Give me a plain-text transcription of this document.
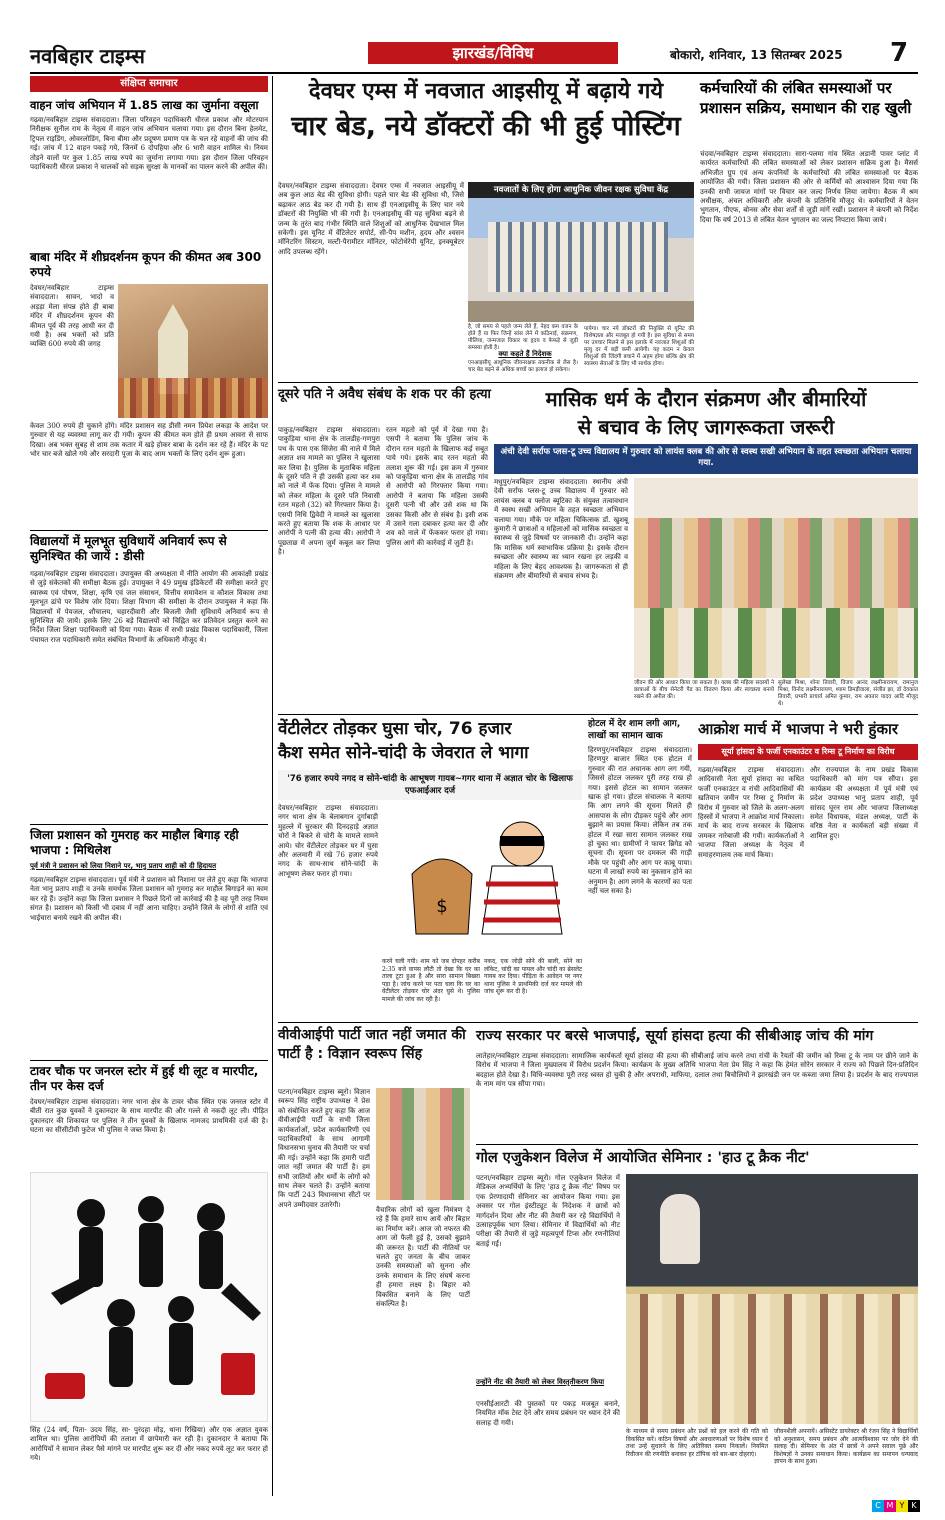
नवबिहार टाइम्स	झारखंड/विविध	बोकारो, शनिवार, 13 सितम्बर 2025 7
संक्षिप्त समाचार
वाहन जांच अभियान में 1.85 लाख का जुर्माना वसूला
गढ़वा/नवबिहार टाइम्स संवाददाता। जिला परिवहन पदाधिकारी धीरज प्रकाश और मोटरयान निरीक्षक सुनील राम के नेतृत्व में वाहन जांच अभियान चलाया गया। इस दौरान बिना हेलमेट, ट्रिपल राइडिंग, ओवरलोडिंग, बिना बीमा और प्रदूषण प्रमाण पत्र के चल रहे वाहनों की जांच की गई। जांच में 12 वाहन पकड़े गये, जिनमें 6 दोपहिया और 6 भारी वाहन शामिल थे। नियम तोड़ने वालों पर कुल 1.85 लाख रुपये का जुर्माना लगाया गया। इस दौरान जिला परिवहन पदाधिकारी धीरज प्रकाश ने चालकों को सड़क सुरक्षा के मानकों का पालन करने की अपील की।
बाबा मंदिर में शीघ्रदर्शनम कूपन की कीमत अब 300 रुपये
देवघर/नवबिहार टाइम्स संवाददाता। सावन, भादो व अड़ड़ा मेला संपन्न होते ही बाबा मंदिर में शीघ्रदर्शनम कूपन की कीमत पूर्व की तरह आधी कर दी गयी है। अब भक्तों को प्रति व्यक्ति 600 रुपये की जगह
केवल 300 रुपये ही चुकाने होंगे। मंदिर प्रशासन सह डीसी नमन प्रियेश लकड़ा के आदेश पर गुरुवार से यह व्यवस्था लागू कर दी गयी। कूपन की कीमत कम होते ही प्रथम आवरा से साफ दिखा। अब भक्त सुबह से शाम तक कतार में खड़े होकर बाबा के दर्शन कर रहे हैं। मंदिर के पट भोर चार बजे खोले गये और सरदारी पूजा के बाद आम भक्तों के लिए दर्शन शुरू हुआ।
विद्यालयों में मूलभूत सुविधायें अनिवार्य रूप से सुनिश्चित की जायें : डीसी
गढ़वा/नवबिहार टाइम्स संवाददाता। उपायुक्त की अध्यक्षता में नीति आयोग की आकांक्षी प्रखंड से जुड़े संकेतकों की समीक्षा बैठक हुई। उपायुक्त ने 49 प्रमुख इंडिकेटरों की समीक्षा करते हुए स्वास्थ्य एवं पोषण, शिक्षा, कृषि एवं जल संसाधन, वित्तीय समावेशन व कौशल विकास तथा मूलभूत ढांचे पर विशेष जोर दिया। शिक्षा विभाग की समीक्षा के दौरान उपायुक्त ने कहा कि विद्यालयों में पेयजल, शौचालय, चहारदीवारी और बिजली जैसी सुविधायें अनिवार्य रूप से सुनिश्चित की जायें। इसके लिए 26 बड़े विद्यालयों को चिह्नित कर प्रतिवेदन प्रस्तुत करने का निर्देश जिला शिक्षा पदाधिकारी को दिया गया। बैठक में सभी प्रखंड विकास पदाधिकारी, जिला पंचायत राज पदाधिकारी समेत संबंधित विभागों के अधिकारी मौजूद थे।
जिला प्रशासन को गुमराह कर माहौल बिगाड़ रही भाजपा : मिथिलेश
पूर्व मंत्री ने प्रशासन को लिया निशाने पर, भानु प्रताप शाही को दी हिदायत
गढ़वा/नवबिहार टाइम्स संवाददाता। पूर्व मंत्री ने प्रशासन को निशाना पर लेते हुए कहा कि भाजपा नेता भानु प्रताप शाही व उनके समर्थक जिला प्रशासन को गुमराह कर माहौल बिगाड़ने का काम कर रहे हैं। उन्होंने कहा कि जिला प्रशासन ने पिछले दिनों जो कार्रवाई की है वह पूरी तरह नियम संगत है। प्रशासन को किसी भी दबाव में नहीं आना चाहिए। उन्होंने जिले के लोगों से शांति एवं भाईचारा बनाये रखने की अपील की।
टावर चौक पर जनरल स्टोर में हुई थी लूट व मारपीट, तीन पर केस दर्ज
देवघर/नवबिहार टाइम्स संवाददाता। नगर थाना क्षेत्र के टावर चौक स्थित एक जनरल स्टोर में बीती रात कुछ युवकों ने दुकानदार के साथ मारपीट की और गल्ले से नकदी लूट ली। पीड़ित दुकानदार की शिकायत पर पुलिस ने तीन युवकों के खिलाफ नामजद प्राथमिकी दर्ज की है। घटना का सीसीटीवी फुटेज भी पुलिस ने जब्त किया है।
सिंह (24 वर्ष, पिता- उदय सिंह, सा- पुरंदहा मोड़, थाना रिखिया) और एक अज्ञात युवक शामिल था। पुलिस आरोपियों की तलाश में छापेमारी कर रही है। दुकानदार ने बताया कि आरोपियों ने सामान लेकर पैसे मांगने पर मारपीट शुरू कर दी और नकद रुपये लूट कर फरार हो गये।
देवघर एम्स में नवजात आइसीयू में बढ़ाये गये
चार बेड, नये डॉक्टरों की भी हुई पोस्टिंग
देवघर/नवबिहार टाइम्स संवाददाता। देवघर एम्स में नवजात आइसीयू में अब कुल आठ बेड की सुविधा होगी। पहले चार बेड की सुविधा थी, जिसे बढ़ाकर आठ बेड कर दी गयी है। साथ ही एनआइसीयू के लिए चार नये डॉक्टरों की नियुक्ति भी की गयी है। एनआइसीयू की यह सुविधा बढ़ने से जन्म के तुरंत बाद गंभीर स्थिति वाले शिशुओं को आधुनिक देखभाल मिल सकेगी। इस यूनिट में वेंटिलेटर सपोर्ट, सी-पैप मशीन, हृदय और श्वसन मॉनिटरिंग सिस्टम, मल्टी-पैरामीटर मॉनिटर, फोटोथेरेपी यूनिट, इनक्यूबेटर आदि उपलब्ध रहेंगे।
नवजातों के लिए होगा आधुनिक जीवन रक्षक सुविधा केंद्र
है, जो समय से पहले जन्म लेते हैं, नेहद कम वजन के होते हैं या फिर जिन्हें सांस लेने में कठिनाई, संक्रमण, पीलिया, जन्मजात विकार या हृदय व फेफड़े से जुड़ी समस्या होती है।
क्या कहते हैं निदेशक
एनआइसीयू आधुनिक जीवनरक्षक तकनीक से लैस है। चार बेड बढ़ने से अधिक बच्चों का इलाज हो सकेगा।
पायेगा। चार नये डॉक्टरों की नियुक्ति से यूनिट की विशेषज्ञता और मजबूत हो गयी है। इस सुविधा से समय पर उपचार मिलने से इस इलाके में नवजात शिशुओं की मृत्यु दर में बड़ी कमी आयेगी। यह कदम न केवल शिशुओं की जिंदगी बचाने में अहम होगा बल्कि क्षेत्र की स्वास्थ्य सेवाओं के लिए भी सार्थक होगा।
कर्मचारियों की लंबित समस्याओं पर प्रशासन सक्रिय, समाधान की राह खुली
चंदवा/नवबिहार टाइम्स संवाददाता। सारा-पलमा गांव स्थित अडानी पावर प्लांट में कार्यरत कर्मचारियों की लंबित समस्याओं को लेकर प्रशासन सक्रिय हुआ है। मैसर्स अभिजीत ग्रुप एवं अन्य कंपनियों के कर्मचारियों की लंबित समस्याओं पर बैठक आयोजित की गयी। जिला प्रशासन की ओर से कर्मियों को आश्वासन दिया गया कि उनकी सभी जायज मांगों पर विचार कर जल्द निर्णय लिया जायेगा। बैठक में श्रम अधीक्षक, अंचल अधिकारी और कंपनी के प्रतिनिधि मौजूद थे। कर्मचारियों ने वेतन भुगतान, पीएफ, बोनस और सेवा शर्तों से जुड़ी मांगें रखीं। प्रशासन ने कंपनी को निर्देश दिया कि वर्ष 2013 से लंबित वेतन भुगतान का जल्द निपटारा किया जाये।
दूसरे पति ने अवैध संबंध के शक पर की हत्या
पाकुड़/नवबिहार टाइम्स संवाददाता। पाकुड़िया थाना क्षेत्र के तालडीह-गणपुरा पथ के पास एक सिंजेरा की नाले में मिले अज्ञात शव मामले का पुलिस ने खुलासा कर लिया है। पुलिस के मुताबिक महिला के दूसरे पति ने ही उसकी हत्या कर शव को नाले में फेंक दिया। पुलिस ने मामले को लेकर महिला के दूसरे पति निवासी रतन महतो (32) को गिरफ्तार किया है। एसपी निधि द्विवेदी ने मामले का खुलासा करते हुए बताया कि शक के आधार पर आरोपी ने पत्नी की हत्या की। आरोपी ने पूछताछ में अपना जुर्म कबूल कर लिया है।
रतन महतो को पूर्व में देखा गया है। एसपी ने बताया कि पुलिस जांच के दौरान रतन महतो के खिलाफ कई सबूत पाये गये। इसके बाद रतन महतो की तलाश शुरू की गई। इस क्रम में गुरुवार को पाकुड़िया थाना क्षेत्र के तालडीह गांव से आरोपी को गिरफ्तार किया गया। आरोपी ने बताया कि महिला उसकी दूसरी पत्नी थी और उसे शक था कि उसका किसी और से संबंध है। इसी शक में उसने गला दबाकर हत्या कर दी और शव को नाले में फेंककर फरार हो गया। पुलिस आगे की कार्रवाई में जुटी है।
मासिक धर्म के दौरान संक्रमण और बीमारियों
से बचाव के लिए जागरूकता जरूरी
अंची देवी सर्राफ प्लस-टू उच्च विद्यालय में गुरुवार को लायंस क्लब की ओर से स्वस्थ सखी अभियान के तहत स्वच्छता अभियान चलाया गया.
मधुपुर/नवबिहार टाइम्स संवाददाता। स्थानीय अंची देवी सर्राफ प्लस-टू उच्च विद्यालय में गुरुवार को लायंस क्लब व फ्लोज ब्यूटिका के संयुक्त तत्वावधान में स्वस्थ सखी अभियान के तहत स्वच्छता अभियान चलाया गया। मौके पर महिला चिकित्सक डॉ. खुशबू कुमारी ने छात्राओं व महिलाओं को मासिक स्वच्छता व स्वास्थ्य से जुड़े विषयों पर जानकारी दी। उन्होंने कहा कि मासिक धर्म स्वाभाविक प्रक्रिया है। इसके दौरान स्वच्छता और स्वास्थ्य का ध्यान रखना हर लड़की व महिला के लिए बेहद आवश्यक है। जागरूकता से ही संक्रमण और बीमारियों से बचाव संभव है।
जीवन की ओर आधार किया जा सकता है। क्लब की महिला सदस्यों ने छात्राओं के बीच सेनेटरी पैड का वितरण किया और स्वच्छता बनाये रखने की अपील की।
सुलेखा मिश्रा, शोना तिवारी, विजय आनंद लक्ष्मीनारायण, रामानुज मिश्रा, विनोद लक्ष्मीनारायण, श्याम डिमड़ीवाला, संजीत झा, डॉ देवकांत तिवारी, प्रभारी प्राचार्य अमित कुमार, राम अवतार यादव आदि मौजूद थे।
वेंटीलेटर तोड़कर घुसा चोर, 76 हजार
कैश समेत सोने-चांदी के जेवरात ले भागा
'76 हजार रुपये नगद व सोने-चांदी के आभूषण गायब~गगर थाना में अज्ञात चोर के खिलाफ एफआईआर दर्ज
देवघर/नवबिहार टाइम्स संवाददाता। नगर थाना क्षेत्र के बेलाबगान दुर्गाबाड़ी मुहल्ले में चुरकार की दिनदहाड़े अज्ञात चोरों ने बिकरे से चोरी के मामले सामने आये। चोर वेंटीलेटर तोड़कर घर में घुसा और अलमारी में रखे 76 हजार रुपये नगद के साथ-साथ सोने-चांदी के आभूषण लेकर फरार हो गया।
$
करने चली गयी। शाम को जब दोपहर करीब 2:35 बजे वापस लौटी तो देखा कि घर का ताला टूटा हुआ है और सारा सामान बिखरा पड़ा है। जांच करने पर पता चला कि घर का वेंटीलेटर तोड़कर चोर अंदर घुसे थे। पुलिस मामले की जांच कर रही है।
नकद, एक जोड़ी सोने की बाली, सोने का लॉकेट, चांदी का पायल और चांदी का ब्रेसलेट गायब कर दिया। पीड़िता के आवेदन पर नगर थाना पुलिस ने प्राथमिकी दर्ज कर मामले की जांच शुरू कर दी है।
होटल में देर शाम लगी आग, लाखों का सामान खाक
हिरणपुर/नवबिहार टाइम्स संवाददाता। हिरणपुर बाजार स्थित एक होटल में गुरुवार की रात अचानक आग लग गयी, जिससे होटल जलकर पूरी तरह राख हो गया। इससे होटल का सामान जलकर खाक हो गया। होटल संचालक ने बताया कि आग लगने की सूचना मिलते ही आसपास के लोग दौड़कर पहुंचे और आग बुझाने का प्रयास किया। लेकिन तब तक होटल में रखा सारा सामान जलकर राख हो चुका था। ग्रामीणों ने फायर ब्रिगेड को सूचना दी। सूचना पर दमकल की गाड़ी मौके पर पहुंची और आग पर काबू पाया। घटना में लाखों रुपये का नुकसान होने का अनुमान है। आग लगने के कारणों का पता नहीं चल सका है।
आक्रोश मार्च में भाजपा ने भरी हुंकार
सूर्या हांसदा के फर्जी एनकाउंटर व रिम्स टू निर्माण का विरोध
गढ़वा/नवबिहार टाइम्स संवाददाता। आदिवासी नेता सूर्या हांसदा का कथित फर्जी एनकाउंटर व रांची आदिवासियों की खतियान जमीन पर रिम्स टू निर्माण के विरोध में गुरुवार को जिले के अलग-अलग हिस्सों में भाजपा ने आक्रोश मार्च निकाला। मार्च के बाद राज्य सरकार के खिलाफ जमकर नारेबाजी की गयी। कार्यकर्ताओं ने भाजपा जिला अध्यक्ष के नेतृत्व में समाहरणालय तक मार्च किया।
और राज्यपाल के नाम प्रखंड विकास पदाधिकारी को मांग पत्र सौंपा। इस कार्यक्रम की अध्यक्षता में पूर्व मंत्री एवं प्रदेश उपाध्यक्ष भानु प्रताप शाही, पूर्व सांसद घूरन राम और भाजपा जिलाध्यक्ष समेत विधायक, मंडल अध्यक्ष, पार्टी के वरिष्ठ नेता व कार्यकर्ता बड़ी संख्या में शामिल हुए।
वीवीआईपी पार्टी जात नहीं जमात की पार्टी है : विज्ञान स्वरूप सिंह
पटना/नवबिहार टाइम्स ब्यूरो। विज्ञान स्वरूप सिंह राष्ट्रीय उपाध्यक्ष ने प्रेस को संबोधित करते हुए कहा कि आज वीवीआईपी पार्टी के सभी जिला कार्यकर्ताओं, प्रदेश कार्यकारिणी एवं पदाधिकारियों के साथ आगामी विधानसभा चुनाव की तैयारी पर चर्चा की गई। उन्होंने कहा कि हमारी पार्टी जात नहीं जमात की पार्टी है। हम सभी जातियों और धर्मों के लोगों को साथ लेकर चलते हैं। उन्होंने बताया कि पार्टी 243 विधानसभा सीटों पर अपने उम्मीदवार उतारेगी।
वैचारिक लोगों को खुला निमंत्रण दे रहे हैं कि हमारे साथ आयें और बिहार का निर्माण करें। आज जो नफरत की आग जो फैली हुई है, उसको बुझाने की जरूरत है। पार्टी की नीतियों पर चलते हुए जनता के बीच जाकर उनकी समस्याओं को सुनना और उनके समाधान के लिए संघर्ष करना ही हमारा लक्ष्य है। बिहार को विकसित बनाने के लिए पार्टी संकल्पित है।
राज्य सरकार पर बरसे भाजपाई, सूर्या हांसदा हत्या की सीबीआइ जांच की मांग
लातेहार/नवबिहार टाइम्स संवाददाता। सामाजिक कार्यकर्ता सूर्या हांसदा की हत्या की सीबीआई जांच करने तथा रांची के रैयतों की जमीन को रिम्स टू के नाम पर छीने जाने के विरोध में भाजपा ने जिला मुख्यालय में विरोध प्रदर्शन किया। कार्यक्रम के मुख्य अतिथि भाजपा नेता प्रेम सिंह ने कहा कि हेमंत सोरेन सरकार ने राज्य को पिछले दिन-प्रतिदिन बदहाल होते देखा है। विधि-व्यवस्था पूरी तरह ध्वस्त हो चुकी है और अपराधी, माफिया, दलाल तथा बिचौलियों ने झारखंडी जन पर कब्जा जमा लिया है। प्रदर्शन के बाद राज्यपाल के नाम मांग पत्र सौंपा गया।
गोल एजुकेशन विलेज में आयोजित सेमिनार : 'हाउ टू क्रैक नीट'
पटना/नवबिहार टाइम्स ब्यूरो। गोल एजुकेशन विलेज में मेडिकल अभ्यर्थियों के लिए 'हाउ टू क्रैक नीट' विषय पर एक प्रेरणादायी सेमिनार का आयोजन किया गया। इस अवसर पर गोल इंस्टीट्यूट के निदेशक ने छात्रों को मार्गदर्शन दिया और नीट की तैयारी कर रहे विद्यार्थियों ने उत्साहपूर्वक भाग लिया। सेमिनार में विद्यार्थियों को नीट परीक्षा की तैयारी से जुड़े महत्वपूर्ण टिप्स और रणनीतियां बताई गईं।
उन्होंने नीट की तैयारी को लेकर विस्तृतीकरण किया
एनसीईआरटी की पुस्तकों पर पकड़ मजबूत बनाने, नियमित मॉक टेस्ट देने और समय प्रबंधन पर ध्यान देने की सलाह दी गयी।
के माध्यम से समय प्रबंधन और प्रश्नों को हल करने की गति को विकसित करें। कठिन विषयों और अवधारणाओं पर विशेष ध्यान दें तथा उन्हें सुधारने के लिए अतिरिक्त समय निकालें। नियमित रिवीजन की रणनीति बनाकर हर टॉपिक को बार-बार दोहराएं।
जीवनशैली अपनायें। असिस्टेंट डायरेक्टर श्री रंजन सिंह ने विद्यार्थियों को अनुशासन, समय प्रबंधन और आत्मविश्वास पर जोर देने की सलाह दी। सेमिनार के अंत में छात्रों ने अपने सवाल पूछे और विशेषज्ञों ने उनका समाधान किया। कार्यक्रम का समापन धन्यवाद ज्ञापन के साथ हुआ।
C M Y K
